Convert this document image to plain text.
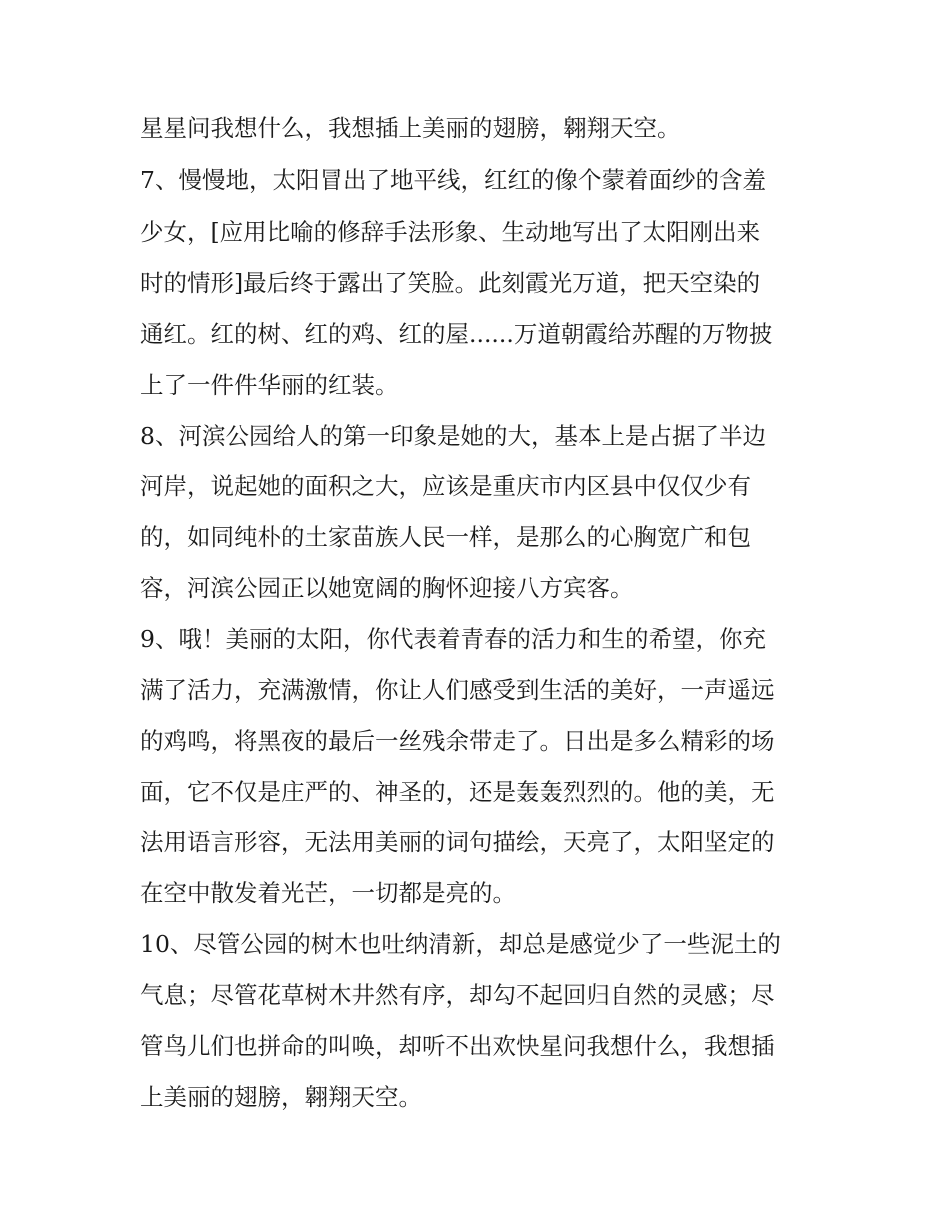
星星问我想什么，我想插上美丽的翅膀，翱翔天空。
7、慢慢地，太阳冒出了地平线，红红的像个蒙着面纱的含羞
少女，[应用比喻的修辞手法形象、生动地写出了太阳刚出来
时的情形]最后终于露出了笑脸。此刻霞光万道，把天空染的
通红。红的树、红的鸡、红的屋......万道朝霞给苏醒的万物披
上了一件件华丽的红装。
8、河滨公园给人的第一印象是她的大，基本上是占据了半边
河岸，说起她的面积之大，应该是重庆市内区县中仅仅少有
的，如同纯朴的土家苗族人民一样，是那么的心胸宽广和包
容，河滨公园正以她宽阔的胸怀迎接八方宾客。
9、哦！美丽的太阳，你代表着青春的活力和生的希望，你充
满了活力，充满激情，你让人们感受到生活的美好，一声遥远
的鸡鸣，将黑夜的最后一丝残余带走了。日出是多么精彩的场
面，它不仅是庄严的、神圣的，还是轰轰烈烈的。他的美，无
法用语言形容，无法用美丽的词句描绘，天亮了，太阳坚定的
在空中散发着光芒，一切都是亮的。
10、尽管公园的树木也吐纳清新，却总是感觉少了一些泥土的
气息；尽管花草树木井然有序，却勾不起回归自然的灵感；尽
管鸟儿们也拼命的叫唤，却听不出欢快星问我想什么，我想插
上美丽的翅膀，翱翔天空。
